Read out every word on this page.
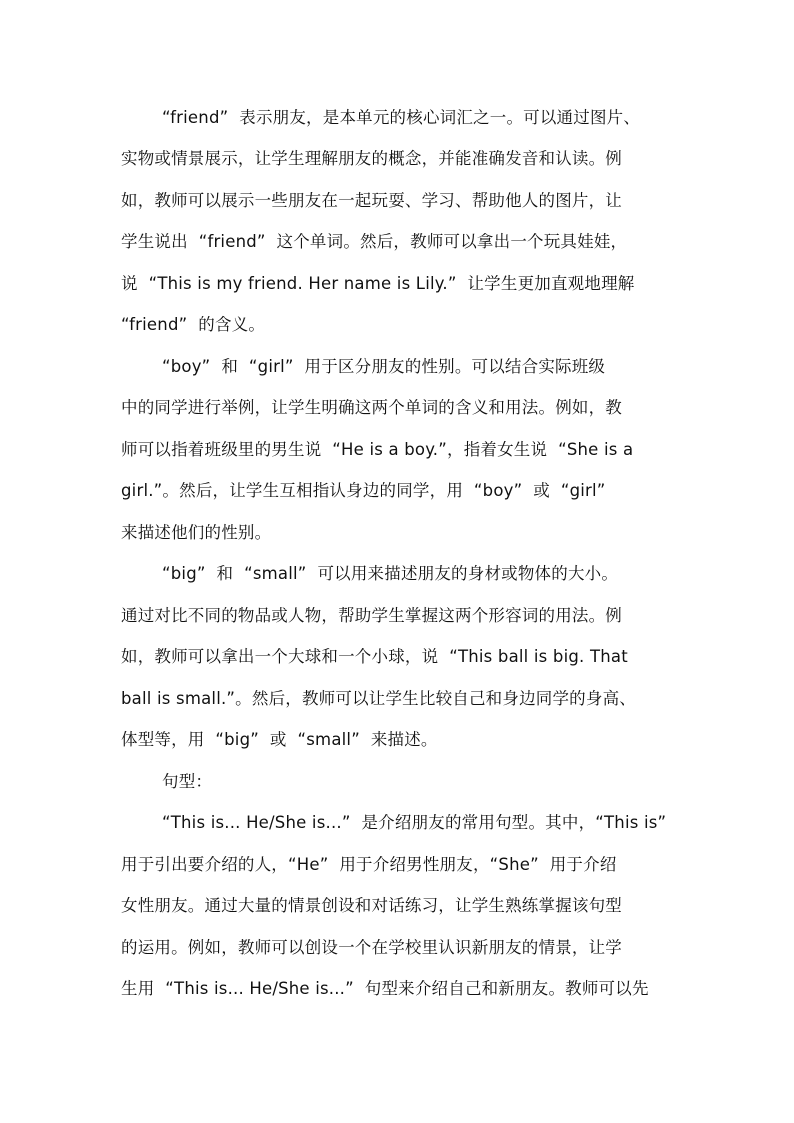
“friend”  表示朋友，是本单元的核心词汇之一。可以通过图片、
实物或情景展示，让学生理解朋友的概念，并能准确发音和认读。例
如，教师可以展示一些朋友在一起玩耍、学习、帮助他人的图片，让
学生说出  “friend”  这个单词。然后，教师可以拿出一个玩具娃娃，
说  “This is my friend. Her name is Lily.”  让学生更加直观地理解
“friend”  的含义。
“boy”  和  “girl”  用于区分朋友的性别。可以结合实际班级
中的同学进行举例，让学生明确这两个单词的含义和用法。例如，教
师可以指着班级里的男生说  “He is a boy.”，指着女生说  “She is a
girl.”。然后，让学生互相指认身边的同学，用  “boy”  或  “girl”
来描述他们的性别。
“big”  和  “small”  可以用来描述朋友的身材或物体的大小。
通过对比不同的物品或人物，帮助学生掌握这两个形容词的用法。例
如，教师可以拿出一个大球和一个小球，说  “This ball is big. That
ball is small.”。然后，教师可以让学生比较自己和身边同学的身高、
体型等，用  “big”  或  “small”  来描述。
句型：
“This is... He/She is...”  是介绍朋友的常用句型。其中，“This is”
用于引出要介绍的人，“He”  用于介绍男性朋友，“She”  用于介绍
女性朋友。通过大量的情景创设和对话练习，让学生熟练掌握该句型
的运用。例如，教师可以创设一个在学校里认识新朋友的情景，让学
生用  “This is... He/She is...”  句型来介绍自己和新朋友。教师可以先
